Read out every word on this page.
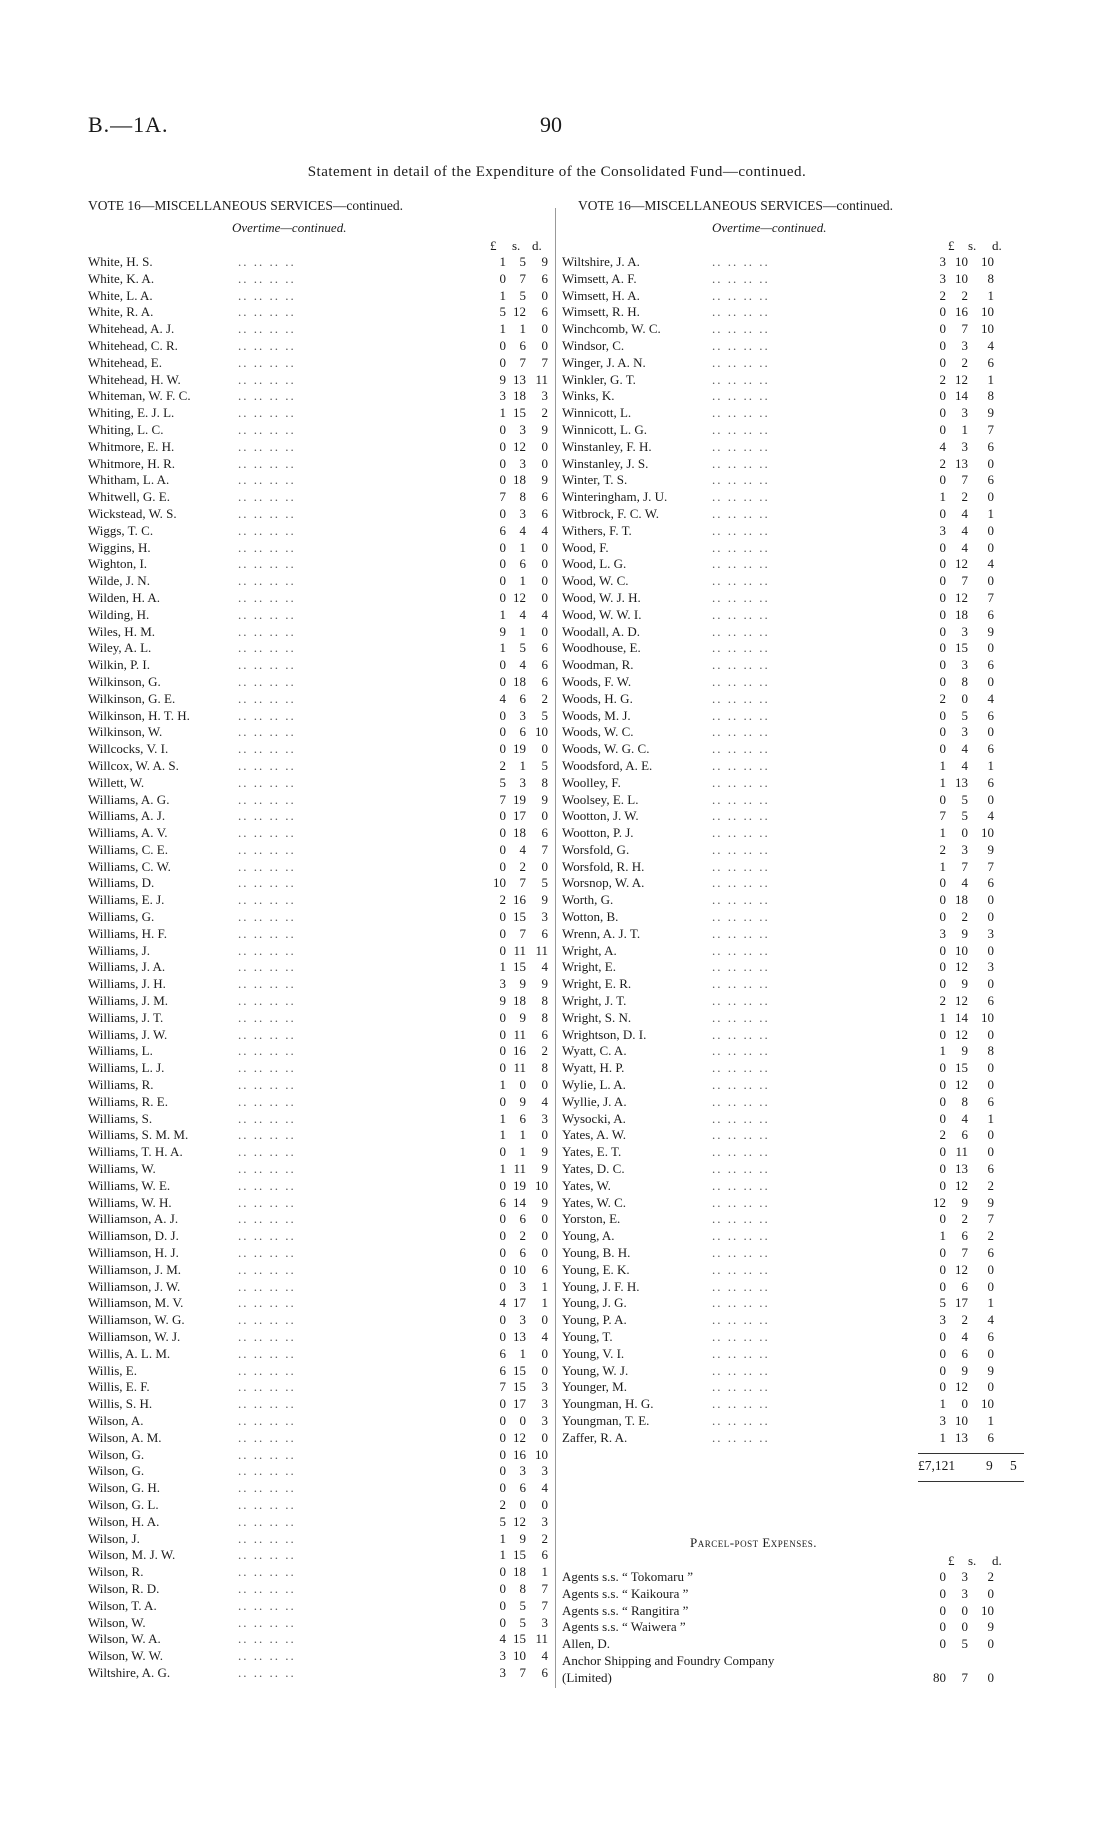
B.—1A.	90
Statement in detail of the Expenditure of the Consolidated Fund—continued.
VOTE 16—MISCELLANEOUS SERVICES—continued.
Overtime—continued.
£ s. d.
White, H. S.	.. .. .. ..	1 5 9
White, K. A.	.. .. .. ..	0 7 6
White, L. A.	.. .. .. ..	1 5 0
White, R. A.	.. .. .. ..	5 12 6
Whitehead, A. J.	.. .. .. ..	1 1 0
Whitehead, C. R.	.. .. .. ..	0 6 0
Whitehead, E.	.. .. .. ..	0 7 7
Whitehead, H. W.	.. .. .. ..	9 13 11
Whiteman, W. F. C.	.. .. .. ..	3 18 3
Whiting, E. J. L.	.. .. .. ..	1 15 2
Whiting, L. C.	.. .. .. ..	0 3 9
Whitmore, E. H.	.. .. .. ..	0 12 0
Whitmore, H. R.	.. .. .. ..	0 3 0
Whitham, L. A.	.. .. .. ..	0 18 9
Whitwell, G. E.	.. .. .. ..	7 8 6
Wickstead, W. S.	.. .. .. ..	0 3 6
Wiggs, T. C.	.. .. .. ..	6 4 4
Wiggins, H.	.. .. .. ..	0 1 0
Wighton, I.	.. .. .. ..	0 6 0
Wilde, J. N.	.. .. .. ..	0 1 0
Wilden, H. A.	.. .. .. ..	0 12 0
Wilding, H.	.. .. .. ..	1 4 4
Wiles, H. M.	.. .. .. ..	9 1 0
Wiley, A. L.	.. .. .. ..	1 5 6
Wilkin, P. I.	.. .. .. ..	0 4 6
Wilkinson, G.	.. .. .. ..	0 18 6
Wilkinson, G. E.	.. .. .. ..	4 6 2
Wilkinson, H. T. H.	.. .. .. ..	0 3 5
Wilkinson, W.	.. .. .. ..	0 6 10
Willcocks, V. I.	.. .. .. ..	0 19 0
Willcox, W. A. S.	.. .. .. ..	2 1 5
Willett, W.	.. .. .. ..	5 3 8
Williams, A. G.	.. .. .. ..	7 19 9
Williams, A. J.	.. .. .. ..	0 17 0
Williams, A. V.	.. .. .. ..	0 18 6
Williams, C. E.	.. .. .. ..	0 4 7
Williams, C. W.	.. .. .. ..	0 2 0
Williams, D.	.. .. .. ..	10 7 5
Williams, E. J.	.. .. .. ..	2 16 9
Williams, G.	.. .. .. ..	0 15 3
Williams, H. F.	.. .. .. ..	0 7 6
Williams, J.	.. .. .. ..	0 11 11
Williams, J. A.	.. .. .. ..	1 15 4
Williams, J. H.	.. .. .. ..	3 9 9
Williams, J. M.	.. .. .. ..	9 18 8
Williams, J. T.	.. .. .. ..	0 9 8
Williams, J. W.	.. .. .. ..	0 11 6
Williams, L.	.. .. .. ..	0 16 2
Williams, L. J.	.. .. .. ..	0 11 8
Williams, R.	.. .. .. ..	1 0 0
Williams, R. E.	.. .. .. ..	0 9 4
Williams, S.	.. .. .. ..	1 6 3
Williams, S. M. M.	.. .. .. ..	1 1 0
Williams, T. H. A.	.. .. .. ..	0 1 9
Williams, W.	.. .. .. ..	1 11 9
Williams, W. E.	.. .. .. ..	0 19 10
Williams, W. H.	.. .. .. ..	6 14 9
Williamson, A. J.	.. .. .. ..	0 6 0
Williamson, D. J.	.. .. .. ..	0 2 0
Williamson, H. J.	.. .. .. ..	0 6 0
Williamson, J. M.	.. .. .. ..	0 10 6
Williamson, J. W.	.. .. .. ..	0 3 1
Williamson, M. V.	.. .. .. ..	4 17 1
Williamson, W. G.	.. .. .. ..	0 3 0
Williamson, W. J.	.. .. .. ..	0 13 4
Willis, A. L. M.	.. .. .. ..	6 1 0
Willis, E.	.. .. .. ..	6 15 0
Willis, E. F.	.. .. .. ..	7 15 3
Willis, S. H.	.. .. .. ..	0 17 3
Wilson, A.	.. .. .. ..	0 0 3
Wilson, A. M.	.. .. .. ..	0 12 0
Wilson, G.	.. .. .. ..	0 16 10
Wilson, G.	.. .. .. ..	0 3 3
Wilson, G. H.	.. .. .. ..	0 6 4
Wilson, G. L.	.. .. .. ..	2 0 0
Wilson, H. A.	.. .. .. ..	5 12 3
Wilson, J.	.. .. .. ..	1 9 2
Wilson, M. J. W.	.. .. .. ..	1 15 6
Wilson, R.	.. .. .. ..	0 18 1
Wilson, R. D.	.. .. .. ..	0 8 7
Wilson, T. A.	.. .. .. ..	0 5 7
Wilson, W.	.. .. .. ..	0 5 3
Wilson, W. A.	.. .. .. ..	4 15 11
Wilson, W. W.	.. .. .. ..	3 10 4
Wiltshire, A. G.	.. .. .. ..	3 7 6
VOTE 16—MISCELLANEOUS SERVICES—continued.
Overtime—continued.
£ s. d.
Wiltshire, J. A.	.. .. .. ..	3 10 10
Wimsett, A. F.	.. .. .. ..	3 10 8
Wimsett, H. A.	.. .. .. ..	2 2 1
Wimsett, R. H.	.. .. .. ..	0 16 10
Winchcomb, W. C.	.. .. .. ..	0 7 10
Windsor, C.	.. .. .. ..	0 3 4
Winger, J. A. N.	.. .. .. ..	0 2 6
Winkler, G. T.	.. .. .. ..	2 12 1
Winks, K.	.. .. .. ..	0 14 8
Winnicott, L.	.. .. .. ..	0 3 9
Winnicott, L. G.	.. .. .. ..	0 1 7
Winstanley, F. H.	.. .. .. ..	4 3 6
Winstanley, J. S.	.. .. .. ..	2 13 0
Winter, T. S.	.. .. .. ..	0 7 6
Winteringham, J. U.	.. .. .. ..	1 2 0
Witbrock, F. C. W.	.. .. .. ..	0 4 1
Withers, F. T.	.. .. .. ..	3 4 0
Wood, F.	.. .. .. ..	0 4 0
Wood, L. G.	.. .. .. ..	0 12 4
Wood, W. C.	.. .. .. ..	0 7 0
Wood, W. J. H.	.. .. .. ..	0 12 7
Wood, W. W. I.	.. .. .. ..	0 18 6
Woodall, A. D.	.. .. .. ..	0 3 9
Woodhouse, E.	.. .. .. ..	0 15 0
Woodman, R.	.. .. .. ..	0 3 6
Woods, F. W.	.. .. .. ..	0 8 0
Woods, H. G.	.. .. .. ..	2 0 4
Woods, M. J.	.. .. .. ..	0 5 6
Woods, W. C.	.. .. .. ..	0 3 0
Woods, W. G. C.	.. .. .. ..	0 4 6
Woodsford, A. E.	.. .. .. ..	1 4 1
Woolley, F.	.. .. .. ..	1 13 6
Woolsey, E. L.	.. .. .. ..	0 5 0
Wootton, J. W.	.. .. .. ..	7 5 4
Wootton, P. J.	.. .. .. ..	1 0 10
Worsfold, G.	.. .. .. ..	2 3 9
Worsfold, R. H.	.. .. .. ..	1 7 7
Worsnop, W. A.	.. .. .. ..	0 4 6
Worth, G.	.. .. .. ..	0 18 0
Wotton, B.	.. .. .. ..	0 2 0
Wrenn, A. J. T.	.. .. .. ..	3 9 3
Wright, A.	.. .. .. ..	0 10 0
Wright, E.	.. .. .. ..	0 12 3
Wright, E. R.	.. .. .. ..	0 9 0
Wright, J. T.	.. .. .. ..	2 12 6
Wright, S. N.	.. .. .. ..	1 14 10
Wrightson, D. I.	.. .. .. ..	0 12 0
Wyatt, C. A.	.. .. .. ..	1 9 8
Wyatt, H. P.	.. .. .. ..	0 15 0
Wylie, L. A.	.. .. .. ..	0 12 0
Wyllie, J. A.	.. .. .. ..	0 8 6
Wysocki, A.	.. .. .. ..	0 4 1
Yates, A. W.	.. .. .. ..	2 6 0
Yates, E. T.	.. .. .. ..	0 11 0
Yates, D. C.	.. .. .. ..	0 13 6
Yates, W.	.. .. .. ..	0 12 2
Yates, W. C.	.. .. .. ..	12 9 9
Yorston, E.	.. .. .. ..	0 2 7
Young, A.	.. .. .. ..	1 6 2
Young, B. H.	.. .. .. ..	0 7 6
Young, E. K.	.. .. .. ..	0 12 0
Young, J. F. H.	.. .. .. ..	0 6 0
Young, J. G.	.. .. .. ..	5 17 1
Young, P. A.	.. .. .. ..	3 2 4
Young, T.	.. .. .. ..	0 4 6
Young, V. I.	.. .. .. ..	0 6 0
Young, W. J.	.. .. .. ..	0 9 9
Younger, M.	.. .. .. ..	0 12 0
Youngman, H. G.	.. .. .. ..	1 0 10
Youngman, T. E.	.. .. .. ..	3 10 1
Zaffer, R. A.	.. .. .. ..	1 13 6
£7,121 9 5
Parcel-post Expenses.
£ s. d.
Agents s.s. “ Tokomaru ”	0 3 2
Agents s.s. “ Kaikoura ”	0 3 0
Agents s.s. “ Rangitira ”	0 0 10
Agents s.s. “ Waiwera ”	0 0 9
Allen, D.	0 5 0
Anchor Shipping and Foundry Company
(Limited)	80 7 0
